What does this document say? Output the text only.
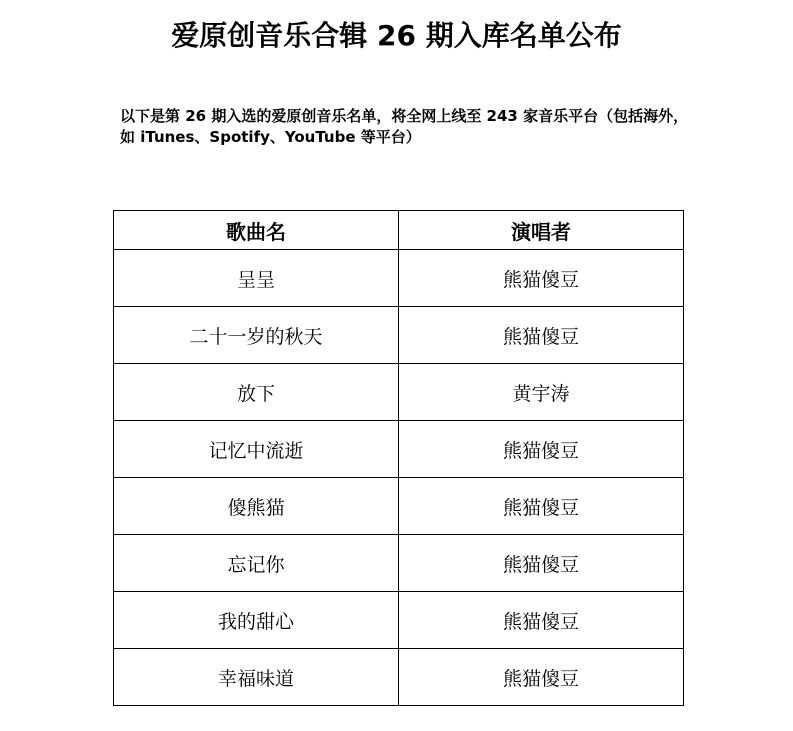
爱原创音乐合辑 26 期入库名单公布

以下是第 26 期入选的爱原创音乐名单，将全网上线至 243 家音乐平台（包括海外，如 iTunes、Spotify、YouTube 等平台）

歌曲名	演唱者
呈呈	熊猫傻豆
二十一岁的秋天	熊猫傻豆
放下	黄宇涛
记忆中流逝	熊猫傻豆
傻熊猫	熊猫傻豆
忘记你	熊猫傻豆
我的甜心	熊猫傻豆
幸福味道	熊猫傻豆
